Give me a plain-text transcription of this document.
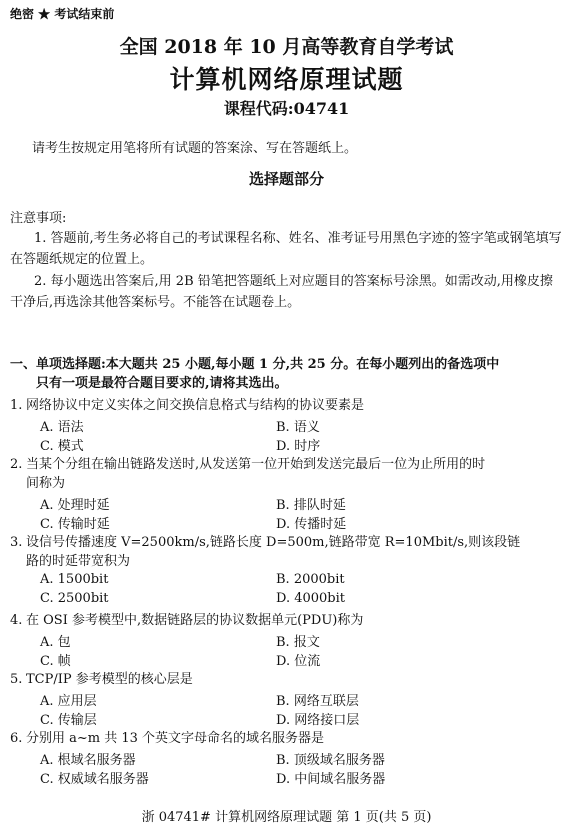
绝密 ★ 考试结束前
全国 2018 年 10 月高等教育自学考试
计算机网络原理试题
课程代码:04741
请考生按规定用笔将所有试题的答案涂、写在答题纸上。
选择题部分
注意事项:
1. 答题前,考生务必将自己的考试课程名称、姓名、准考证号用黑色字迹的签字笔或钢笔填写在答题纸规定的位置上。
2. 每小题选出答案后,用 2B 铅笔把答题纸上对应题目的答案标号涂黑。如需改动,用橡皮擦干净后,再选涂其他答案标号。不能答在试题卷上。
一、单项选择题:本大题共 25 小题,每小题 1 分,共 25 分。在每小题列出的备选项中
只有一项是最符合题目要求的,请将其选出。
1. 网络协议中定义实体之间交换信息格式与结构的协议要素是
A. 语法	B. 语义
C. 模式	D. 时序
2. 当某个分组在输出链路发送时,从发送第一位开始到发送完最后一位为止所用的时
间称为
A. 处理时延	B. 排队时延
C. 传输时延	D. 传播时延
3. 设信号传播速度 V=2500km/s,链路长度 D=500m,链路带宽 R=10Mbit/s,则该段链
路的时延带宽积为
A. 1500bit	B. 2000bit
C. 2500bit	D. 4000bit
4. 在 OSI 参考模型中,数据链路层的协议数据单元(PDU)称为
A. 包	B. 报文
C. 帧	D. 位流
5. TCP/IP 参考模型的核心层是
A. 应用层	B. 网络互联层
C. 传输层	D. 网络接口层
6. 分别用 a~m 共 13 个英文字母命名的域名服务器是
A. 根域名服务器	B. 顶级域名服务器
C. 权威域名服务器	D. 中间域名服务器
浙 04741# 计算机网络原理试题 第 1 页(共 5 页)
